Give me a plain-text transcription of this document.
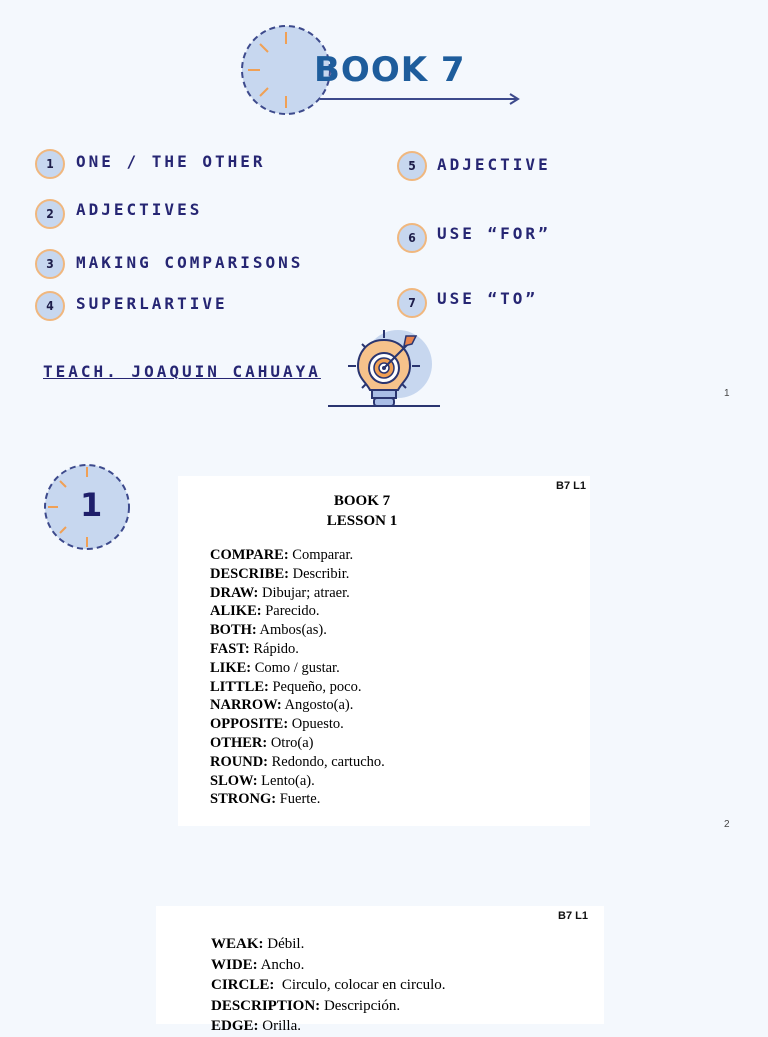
BOOK 7
1	ONE / THE OTHER
2	ADJECTIVES
3	MAKING COMPARISONS
4	SUPERLARTIVE
5	ADJECTIVE
6	USE “FOR”
7	USE “TO”
TEACH. JOAQUIN CAHUAYA
1
1	B7 L1
BOOK 7
LESSON 1
COMPARE: Comparar.
DESCRIBE: Describir.
DRAW: Dibujar; atraer.
ALIKE: Parecido.
BOTH: Ambos(as).
FAST: Rápido.
LIKE: Como / gustar.
LITTLE: Pequeño, poco.
NARROW: Angosto(a).
OPPOSITE: Opuesto.
OTHER: Otro(a)
ROUND: Redondo, cartucho.
SLOW: Lento(a).
STRONG: Fuerte.
2
B7 L1
WEAK: Débil.
WIDE: Ancho.
CIRCLE:  Circulo, colocar en circulo.
DESCRIPTION: Descripción.
EDGE: Orilla.
